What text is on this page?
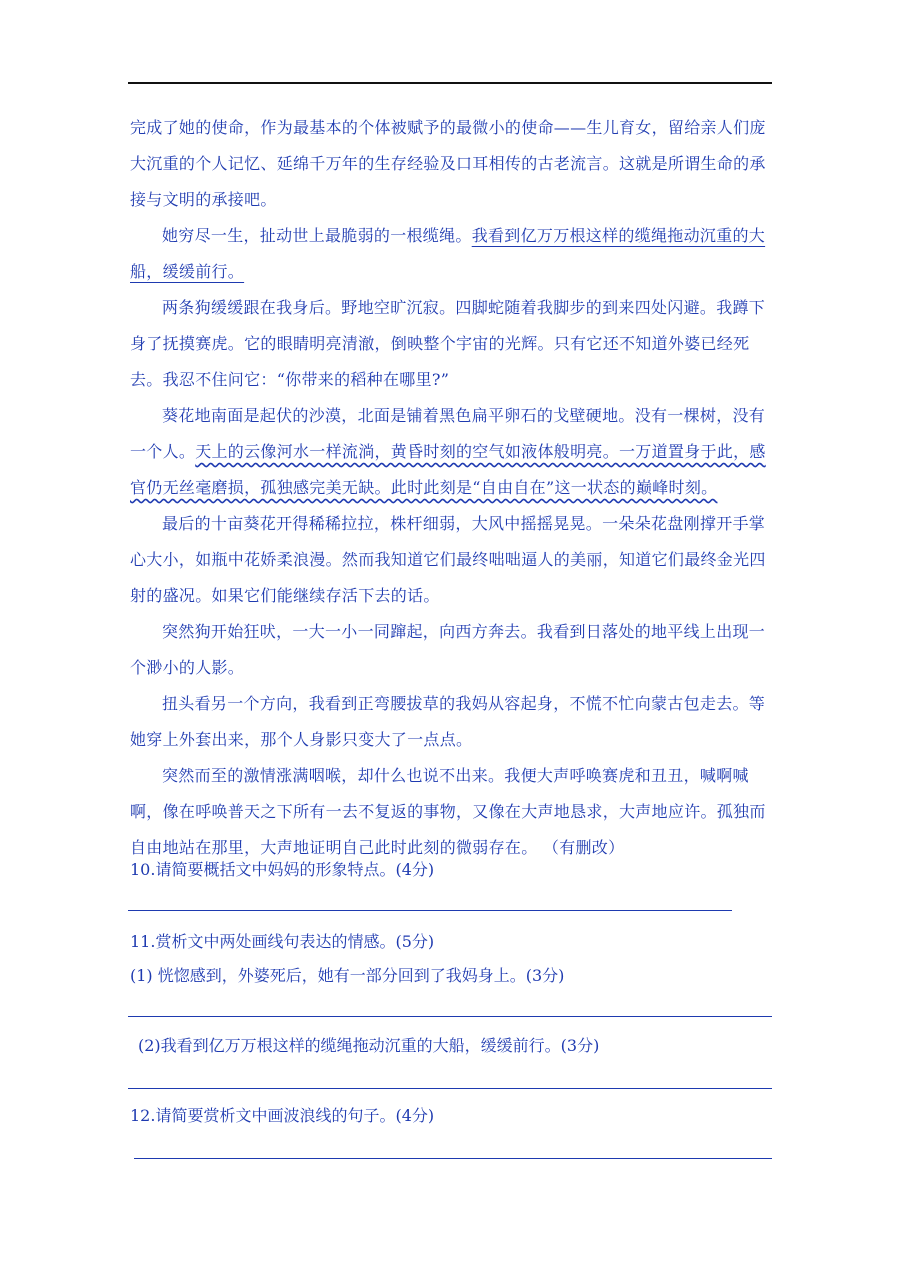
完成了她的使命，作为最基本的个体被赋予的最微小的使命——生儿育女，留给亲人们庞大沉重的个人记忆、延绵千万年的生存经验及口耳相传的古老流言。这就是所谓生命的承接与文明的承接吧。

她穷尽一生，扯动世上最脆弱的一根缆绳。我看到亿万万根这样的缆绳拖动沉重的大船，缓缓前行。

两条狗缓缓跟在我身后。野地空旷沉寂。四脚蛇随着我脚步的到来四处闪避。我蹲下身了抚摸赛虎。它的眼睛明亮清澈，倒映整个宇宙的光辉。只有它还不知道外婆已经死去。我忍不住问它：“你带来的稻种在哪里?”

葵花地南面是起伏的沙漠，北面是铺着黑色扁平卵石的戈壁硬地。没有一棵树，没有一个人。天上的云像河水一样流淌，黄昏时刻的空气如液体般明亮。一万道置身于此，感官仍无丝毫磨损，孤独感完美无缺。此时此刻是“自由自在”这一状态的巅峰时刻。

最后的十亩葵花开得稀稀拉拉，株杆细弱，大风中摇摇晃晃。一朵朵花盘刚撑开手掌心大小，如瓶中花娇柔浪漫。然而我知道它们最终咄咄逼人的美丽，知道它们最终金光四射的盛况。如果它们能继续存活下去的话。

突然狗开始狂吠，一大一小一同蹿起，向西方奔去。我看到日落处的地平线上出现一个渺小的人影。

扭头看另一个方向，我看到正弯腰拔草的我妈从容起身，不慌不忙向蒙古包走去。等她穿上外套出来，那个人身影只变大了一点点。

突然而至的激情涨满咽喉，却什么也说不出来。我便大声呼唤赛虎和丑丑，喊啊喊啊，像在呼唤普天之下所有一去不复返的事物，又像在大声地恳求，大声地应许。孤独而自由地站在那里，大声地证明自己此时此刻的微弱存在。 （有删改）

10.请简要概括文中妈妈的形象特点。(4分)

11.赏析文中两处画线句表达的情感。(5分)

(1) 恍惚感到，外婆死后，她有一部分回到了我妈身上。(3分)

(2)我看到亿万万根这样的缆绳拖动沉重的大船，缓缓前行。(3分)

12.请简要赏析文中画波浪线的句子。(4分)
